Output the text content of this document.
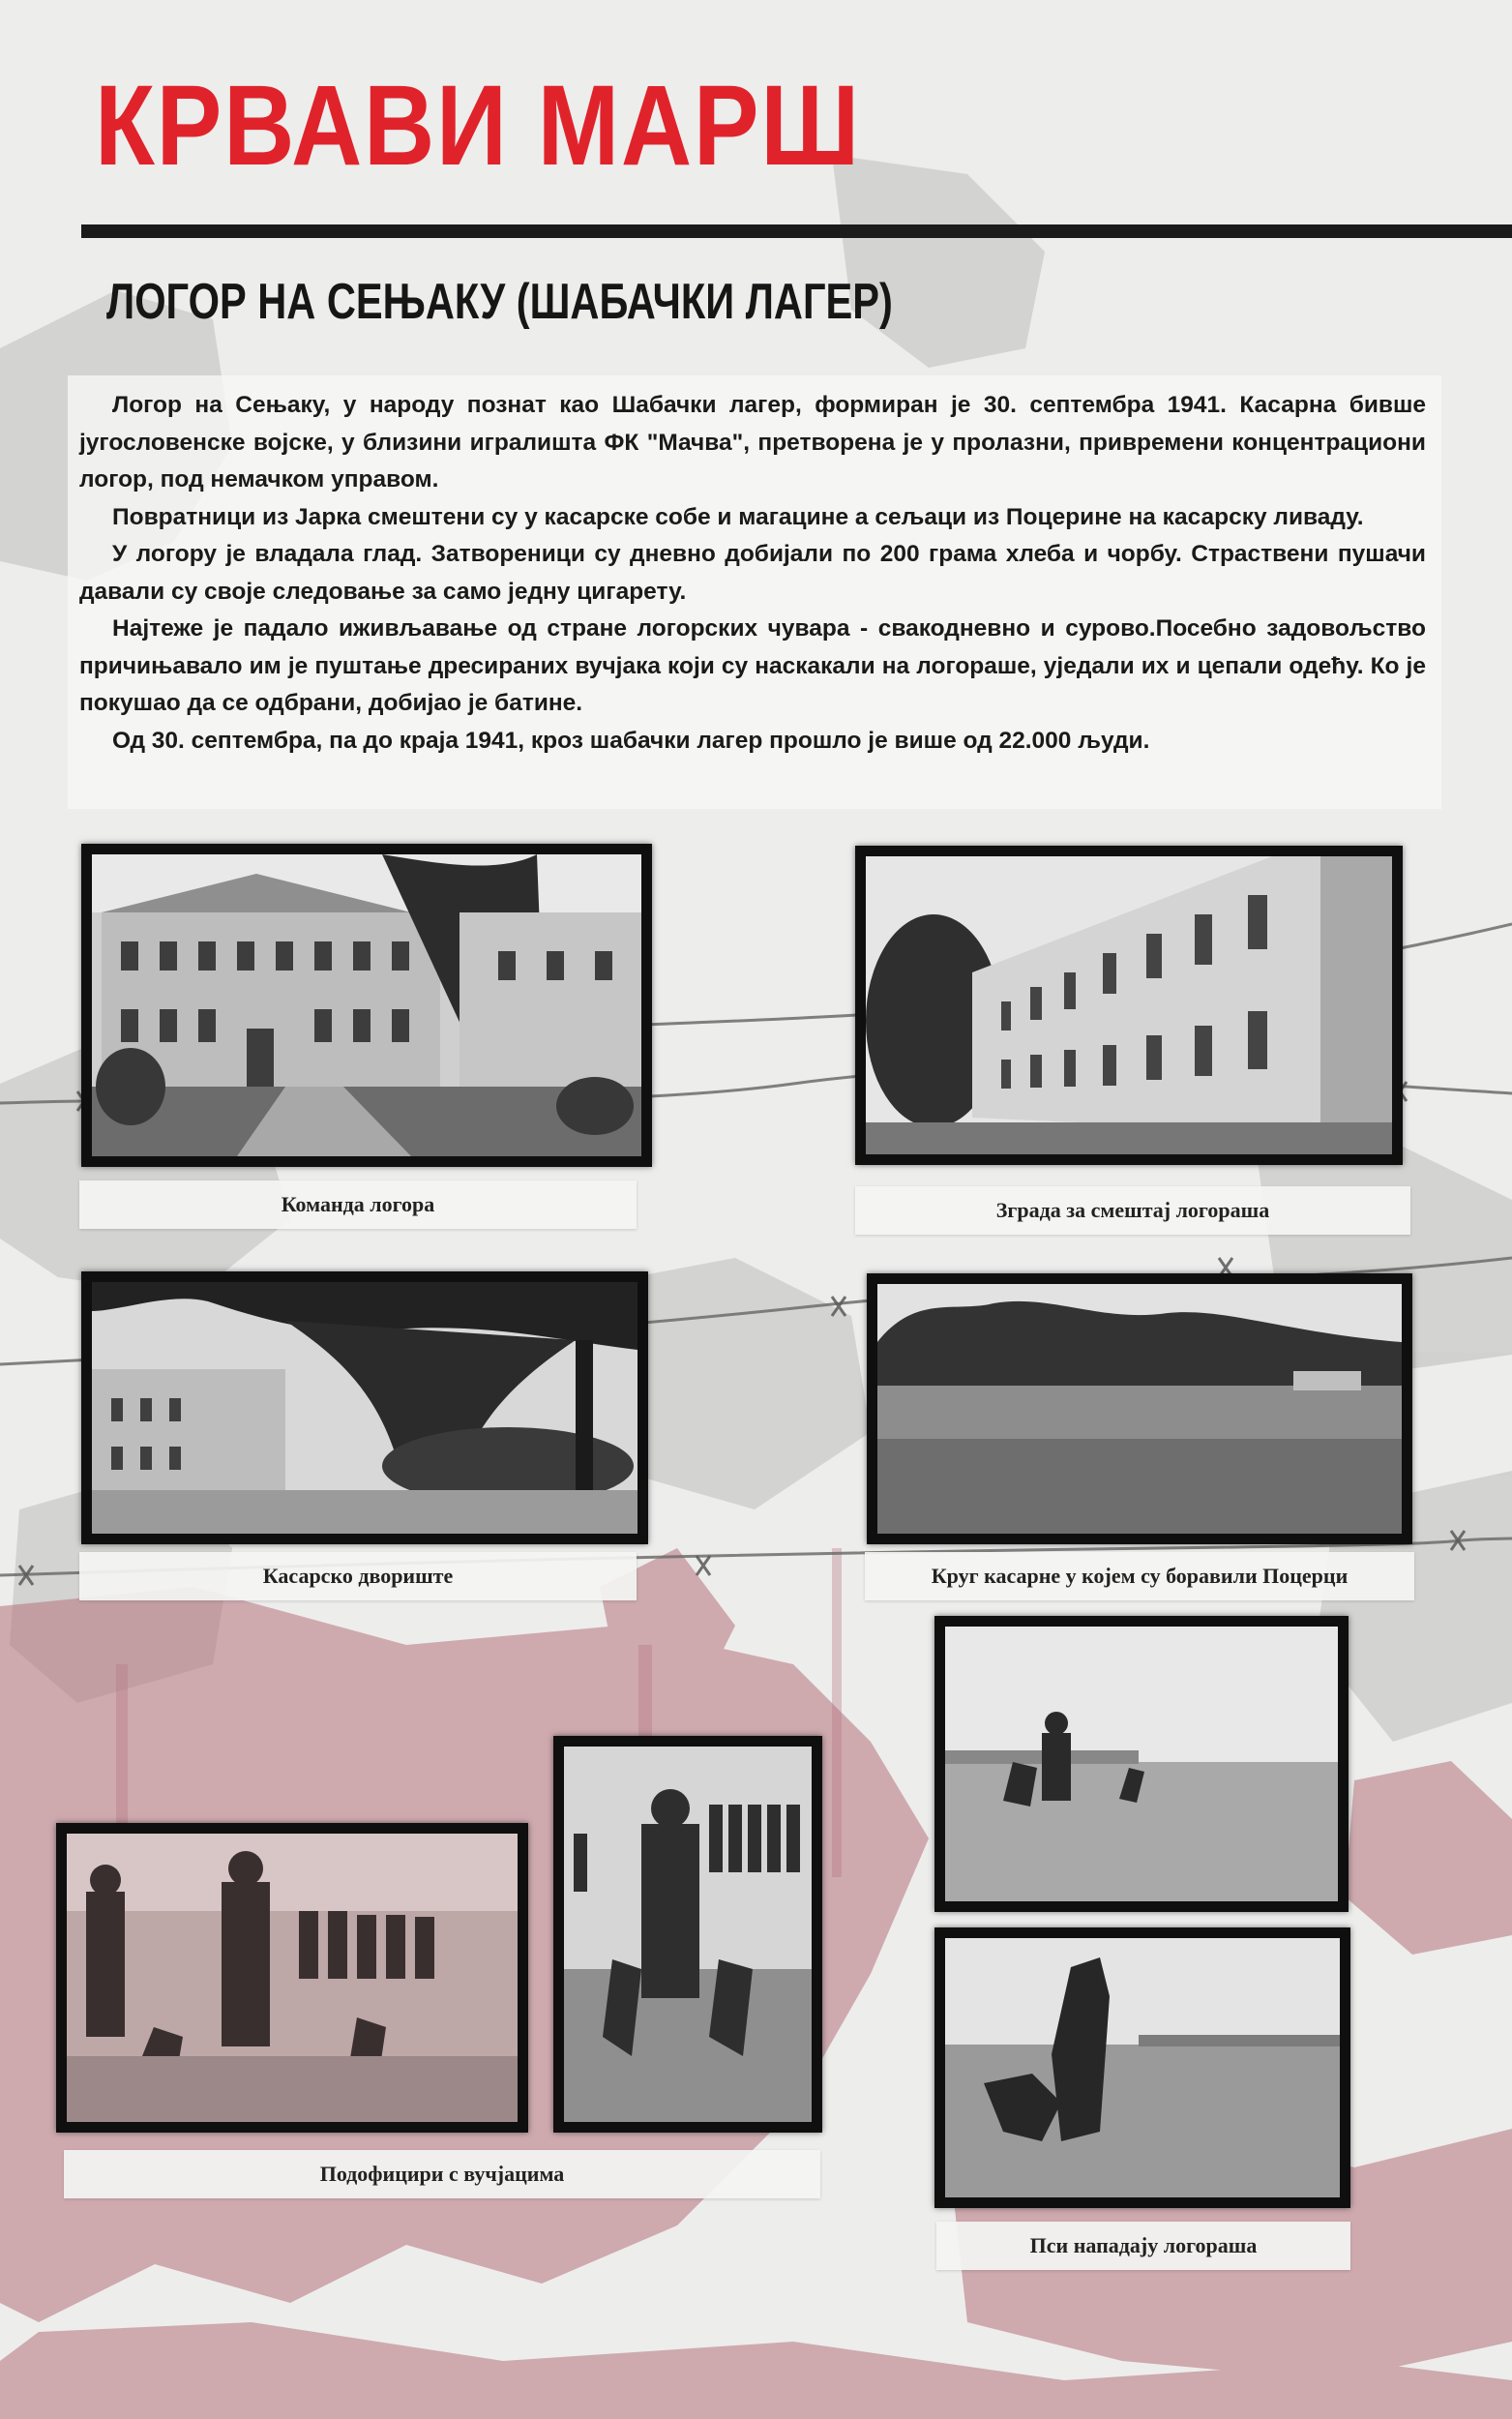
КРВАВИ МАРШ
ЛОГОР НА СЕЊАКУ (ШАБАЧКИ ЛАГЕР)

Логор на Сењаку, у народу познат као Шабачки лагер, формиран је 30. септембра 1941. Касарна бивше југословенске војске, у близини игралишта ФК "Мачва", претворена је у пролазни, привремени концентрациони логор, под немачком управом.

Повратници из Јарка смештени су у касарске собе и магацине а сељаци из Поцерине на касарску ливаду.

У логору је владала глад. Затвореници су дневно добијали по 200 грама хлеба и чорбу. Страствени пушачи давали су своје следовање за само једну цигарету.

Најтеже је падало иживљавање од стране логорских чувара - свакодневно и сурово.Посебно задовољство причињавало им је пуштање дресираних вучјака који су наскакали на логораше, уједали их и цепали одећу. Ко је покушао да се одбрани, добијао је батине.

Од 30. септембра, па до краја 1941, кроз шабачки лагер прошло је више од 22.000 људи.

Команда логора	Зграда за смештај логораша
Касарско двориште	Круг касарне у којем су боравили Поцерци
Подофицири с вучјацима
Пси нападају логораша
